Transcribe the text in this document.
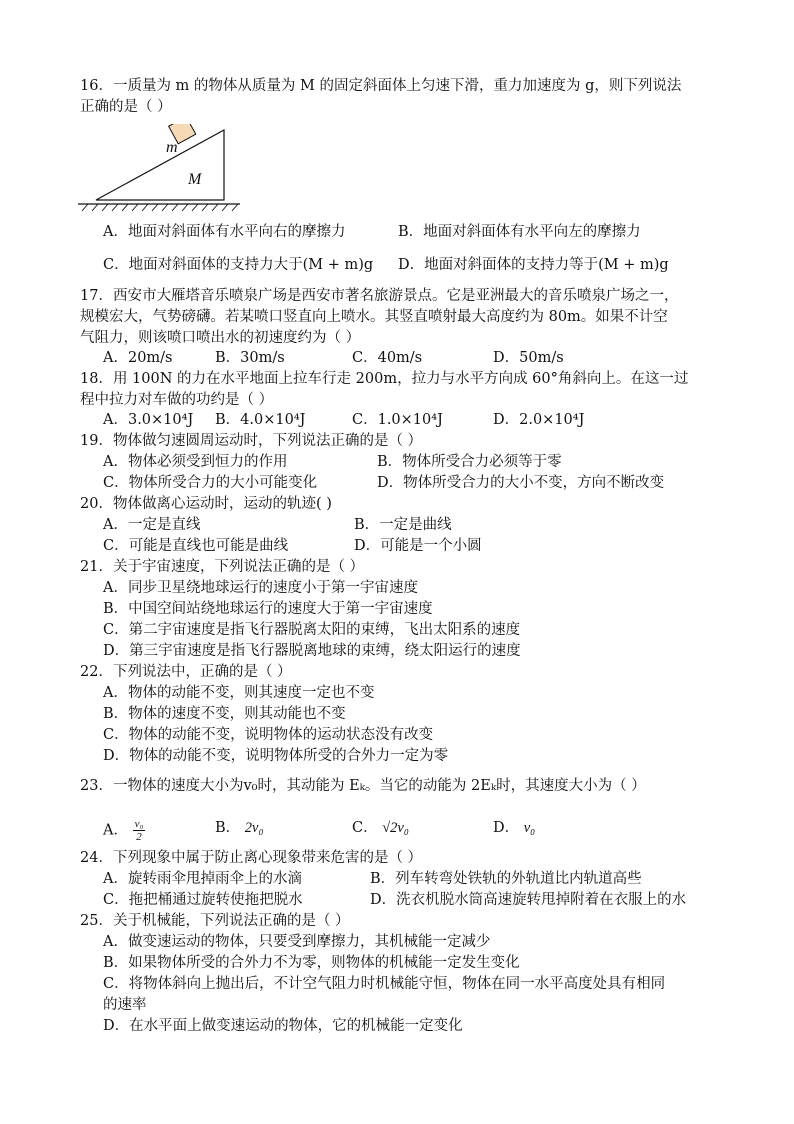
16．一质量为 m 的物体从质量为 M 的固定斜面体上匀速下滑，重力加速度为 g，则下列说法
正确的是（ ）
m
M
A．地面对斜面体有水平向右的摩擦力	B．地面对斜面体有水平向左的摩擦力
C．地面对斜面体的支持力大于(M + m)g D．地面对斜面体的支持力等于(M + m)g
17．西安市大雁塔音乐喷泉广场是西安市著名旅游景点。它是亚洲最大的音乐喷泉广场之一，
规模宏大，气势磅礴。若某喷口竖直向上喷水。其竖直喷射最大高度约为 80m。如果不计空
气阻力，则该喷口喷出水的初速度约为（ ）
A．20m/s	B．30m/s	C．40m/s	D．50m/s
18．用 100N 的力在水平地面上拉车行走 200m，拉力与水平方向成 60°角斜向上。在这一过
程中拉力对车做的功约是（ ）
A．3.0×10⁴J B．4.0×10⁴J	C．1.0×10⁴J	D．2.0×10⁴J
19．物体做匀速圆周运动时，下列说法正确的是（ ）
A．物体必须受到恒力的作用	B．物体所受合力必须等于零
C．物体所受合力的大小可能变化	D．物体所受合力的大小不变，方向不断改变
20．物体做离心运动时，运动的轨迹( )
A．一定是直线	B．一定是曲线
C．可能是直线也可能是曲线	D．可能是一个小圆
21．关于宇宙速度，下列说法正确的是（ ）
A．同步卫星绕地球运行的速度小于第一宇宙速度
B．中国空间站绕地球运行的速度大于第一宇宙速度
C．第二宇宙速度是指飞行器脱离太阳的束缚，飞出太阳系的速度
D．第三宇宙速度是指飞行器脱离地球的束缚，绕太阳运行的速度
22．下列说法中，正确的是（ ）
A．物体的动能不变，则其速度一定也不变
B．物体的速度不变，则其动能也不变
C．物体的动能不变，说明物体的运动状态没有改变
D．物体的动能不变，说明物体所受的合外力一定为零
23．一物体的速度大小为v₀时，其动能为 Eₖ。当它的动能为 2Eₖ时，其速度大小为（ ）
A． $\frac{\text{v₀}}{2}$	B． 2v₀	C． √2v₀	D． v₀
24．下列现象中属于防止离心现象带来危害的是（ ）
A．旋转雨伞甩掉雨伞上的水滴	B．列车转弯处铁轨的外轨道比内轨道高些
C．拖把桶通过旋转使拖把脱水	D．洗衣机脱水筒高速旋转甩掉附着在衣服上的水
25．关于机械能，下列说法正确的是（ ）
A．做变速运动的物体，只要受到摩擦力，其机械能一定减少
B．如果物体所受的合外力不为零，则物体的机械能一定发生变化
C．将物体斜向上抛出后，不计空气阻力时机械能守恒，物体在同一水平高度处具有相同
的速率
D．在水平面上做变速运动的物体，它的机械能一定变化
